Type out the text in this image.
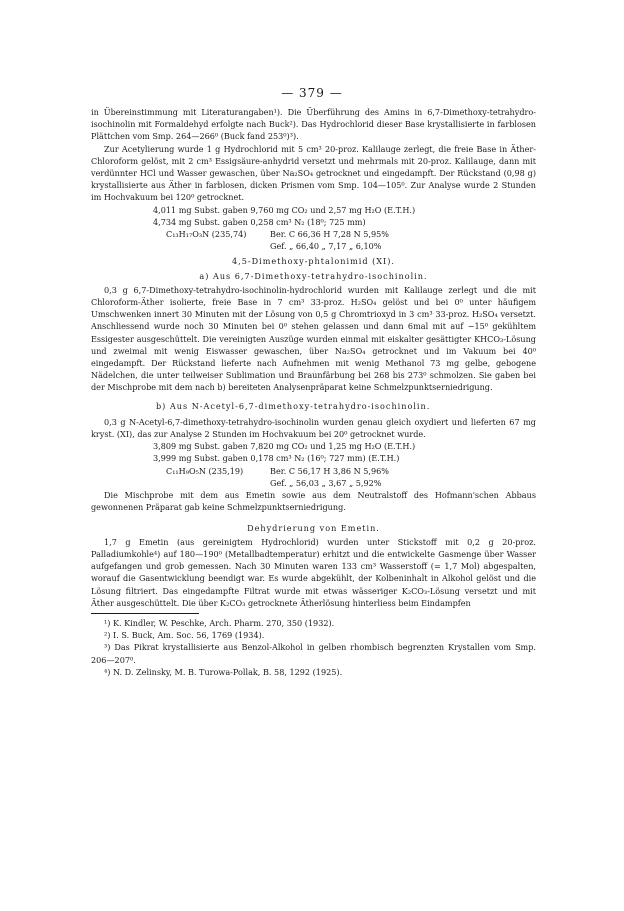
— 379 —

in Übereinstimmung mit Literaturangaben¹). Die Überführung des Amins in 6,7-Dimethoxy-tetrahydro-isochinolin mit Formaldehyd erfolgte nach Buck²). Das Hydrochlorid dieser Base krystallisierte in farblosen Plättchen vom Smp. 264—266⁰ (Buck fand 253⁰)³).

Zur Acetylierung wurde 1 g Hydrochlorid mit 5 cm³ 20-proz. Kalilauge zerlegt, die freie Base in Äther-Chloroform gelöst, mit 2 cm³ Essigsäure-anhydrid versetzt und mehrmals mit 20-proz. Kalilauge, dann mit verdünnter HCl und Wasser gewaschen, über Na₂SO₄ getrocknet und eingedampft. Der Rückstand (0,98 g) krystallisierte aus Äther in farblosen, dicken Prismen vom Smp. 104—105⁰. Zur Analyse wurde 2 Stunden im Hochvakuum bei 120⁰ getrocknet.

4,011 mg Subst. gaben 9,760 mg CO₂ und 2,57 mg H₂O (E.T.H.)
4,734 mg Subst. gaben 0,258 cm³ N₂ (18⁰; 725 mm)
C₁₃H₁₇O₃N (235,74)	Ber. C 66,36 H 7,28 N 5,95%
Gef. „ 66,40 „ 7,17 „ 6,10%
4,5-Dimethoxy-phtalonimid (XI).
a) Aus 6,7-Dimethoxy-tetrahydro-isochinolin.

0,3 g 6,7-Dimethoxy-tetrahydro-isochinolin-hydrochlorid wurden mit Kalilauge zerlegt und die mit Chloroform-Äther isolierte, freie Base in 7 cm³ 33-proz. H₂SO₄ gelöst und bei 0⁰ unter häufigem Umschwenken innert 30 Minuten mit der Lösung von 0,5 g Chromtrioxyd in 3 cm³ 33-proz. H₂SO₄ versetzt. Anschliessend wurde noch 30 Minuten bei 0⁰ stehen gelassen und dann 6mal mit auf −15⁰ gekühltem Essigester ausgeschüttelt. Die vereinigten Auszüge wurden einmal mit eiskalter gesättigter KHCO₃-Lösung und zweimal mit wenig Eiswasser gewaschen, über Na₂SO₄ getrocknet und im Vakuum bei 40⁰ eingedampft. Der Rückstand lieferte nach Aufnehmen mit wenig Methanol 73 mg gelbe, gebogene Nädelchen, die unter teilweiser Sublimation und Braunfärbung bei 268 bis 273⁰ schmolzen. Sie gaben bei der Mischprobe mit dem nach b) bereiteten Analysenpräparat keine Schmelzpunktserniedrigung.

b) Aus N-Acetyl-6,7-dimethoxy-tetrahydro-isochinolin.

0,3 g N-Acetyl-6,7-dimethoxy-tetrahydro-isochinolin wurden genau gleich oxydiert und lieferten 67 mg kryst. (XI), das zur Analyse 2 Stunden im Hochvakuum bei 20⁰ getrocknet wurde.

3,809 mg Subst. gaben 7,820 mg CO₂ und 1,25 mg H₂O (E.T.H.)
3,999 mg Subst. gaben 0,178 cm³ N₂ (16⁰; 727 mm) (E.T.H.)
C₁₁H₉O₅N (235,19)	Ber. C 56,17 H 3,86 N 5,96%
Gef. „ 56,03 „ 3,67 „ 5,92%

Die Mischprobe mit dem aus Emetin sowie aus dem Neutralstoff des Hofmann'schen Abbaus gewonnenen Präparat gab keine Schmelzpunktserniedrigung.

Dehydrierung von Emetin.

1,7 g Emetin (aus gereinigtem Hydrochlorid) wurden unter Stickstoff mit 0,2 g 20-proz. Palladiumkohle⁴) auf 180—190⁰ (Metallbadtemperatur) erhitzt und die entwickelte Gasmenge über Wasser aufgefangen und grob gemessen. Nach 30 Minuten waren 133 cm³ Wasserstoff (= 1,7 Mol) abgespalten, worauf die Gasentwicklung beendigt war. Es wurde abgekühlt, der Kolbeninhalt in Alkohol gelöst und die Lösung filtriert. Das eingedampfte Filtrat wurde mit etwas wässeriger K₂CO₃-Lösung versetzt und mit Äther ausgeschüttelt. Die über K₂CO₃ getrocknete Ätherlösung hinterliess beim Eindampfen

¹) K. Kindler, W. Peschke, Arch. Pharm. 270, 350 (1932).

²) I. S. Buck, Am. Soc. 56, 1769 (1934).

³) Das Pikrat krystallisierte aus Benzol-Alkohol in gelben rhombisch begrenzten Krystallen vom Smp. 206—207⁰.

⁴) N. D. Zelinsky, M. B. Turowa-Pollak, B. 58, 1292 (1925).
